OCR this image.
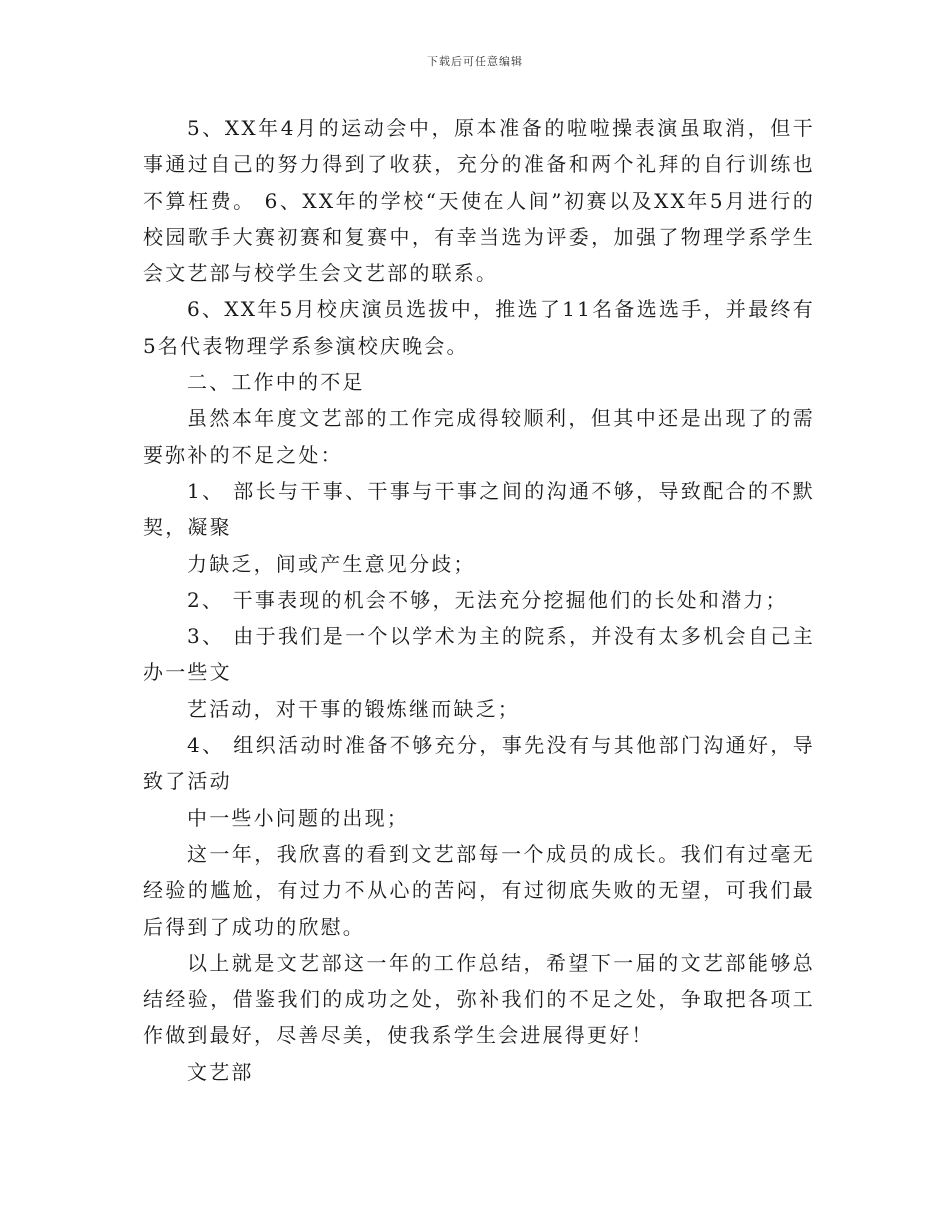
下载后可任意编辑

5、XX年4月的运动会中，原本准备的啦啦操表演虽取消，但干事通过自己的努力得到了收获，充分的准备和两个礼拜的自行训练也不算枉费。 6、XX年的学校“天使在人间”初赛以及XX年5月进行的校园歌手大赛初赛和复赛中，有幸当选为评委，加强了物理学系学生会文艺部与校学生会文艺部的联系。

6、XX年5月校庆演员选拔中，推选了11名备选选手，并最终有5名代表物理学系参演校庆晚会。

二、工作中的不足

虽然本年度文艺部的工作完成得较顺利，但其中还是出现了的需要弥补的不足之处：

1、 部长与干事、干事与干事之间的沟通不够，导致配合的不默契，凝聚

力缺乏，间或产生意见分歧；

2、 干事表现的机会不够，无法充分挖掘他们的长处和潜力；

3、 由于我们是一个以学术为主的院系，并没有太多机会自己主办一些文

艺活动，对干事的锻炼继而缺乏；

4、 组织活动时准备不够充分，事先没有与其他部门沟通好，导致了活动

中一些小问题的出现；

这一年，我欣喜的看到文艺部每一个成员的成长。我们有过毫无经验的尴尬，有过力不从心的苦闷，有过彻底失败的无望，可我们最后得到了成功的欣慰。

以上就是文艺部这一年的工作总结，希望下一届的文艺部能够总结经验，借鉴我们的成功之处，弥补我们的不足之处，争取把各项工作做到最好，尽善尽美，使我系学生会进展得更好！

文艺部
